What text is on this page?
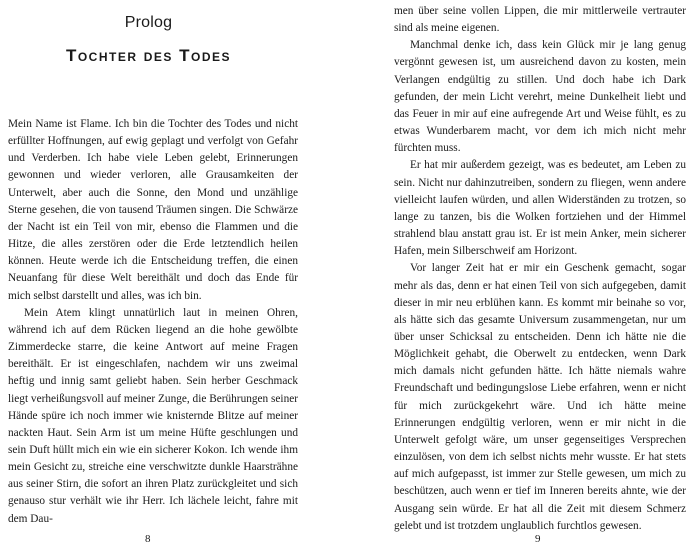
Prolog
Tochter des Todes

Mein Name ist Flame. Ich bin die Tochter des Todes und nicht erfüllter Hoffnungen, auf ewig geplagt und verfolgt von Gefahr und Verderben. Ich habe viele Leben gelebt, Erinnerungen gewonnen und wieder verloren, alle Grausamkeiten der Unterwelt, aber auch die Sonne, den Mond und unzählige Sterne gesehen, die von tausend Träumen singen. Die Schwärze der Nacht ist ein Teil von mir, ebenso die Flammen und die Hitze, die alles zerstören oder die Erde letztendlich heilen können. Heute werde ich die Entscheidung treffen, die einen Neuanfang für diese Welt bereithält und doch das Ende für mich selbst darstellt und alles, was ich bin.

Mein Atem klingt unnatürlich laut in meinen Ohren, während ich auf dem Rücken liegend an die hohe gewölbte Zimmerdecke starre, die keine Antwort auf meine Fragen bereithält. Er ist eingeschlafen, nachdem wir uns zweimal heftig und innig samt geliebt haben. Sein herber Geschmack liegt verheißungsvoll auf meiner Zunge, die Berührungen seiner Hände spüre ich noch immer wie knisternde Blitze auf meiner nackten Haut. Sein Arm ist um meine Hüfte geschlungen und sein Duft hüllt mich ein wie ein sicherer Kokon. Ich wende ihm mein Gesicht zu, streiche eine verschwitzte dunkle Haarsträhne aus seiner Stirn, die sofort an ihren Platz zurückgleitet und sich genauso stur verhält wie ihr Herr. Ich lächele leicht, fahre mit dem Dau-

8

men über seine vollen Lippen, die mir mittlerweile vertrauter sind als meine eigenen.

Manchmal denke ich, dass kein Glück mir je lang genug vergönnt gewesen ist, um ausreichend davon zu kosten, mein Verlangen endgültig zu stillen. Und doch habe ich Dark gefunden, der mein Licht verehrt, meine Dunkelheit liebt und das Feuer in mir auf eine aufregende Art und Weise fühlt, es zu etwas Wunderbarem macht, vor dem ich mich nicht mehr fürchten muss.

Er hat mir außerdem gezeigt, was es bedeutet, am Leben zu sein. Nicht nur dahinzutreiben, sondern zu fliegen, wenn andere vielleicht laufen würden, und allen Widerständen zu trotzen, so lange zu tanzen, bis die Wolken fortziehen und der Himmel strahlend blau anstatt grau ist. Er ist mein Anker, mein sicherer Hafen, mein Silberschweif am Horizont.

Vor langer Zeit hat er mir ein Geschenk gemacht, sogar mehr als das, denn er hat einen Teil von sich aufgegeben, damit dieser in mir neu erblühen kann. Es kommt mir beinahe so vor, als hätte sich das gesamte Universum zusammengetan, nur um über unser Schicksal zu entscheiden. Denn ich hätte nie die Möglichkeit gehabt, die Oberwelt zu entdecken, wenn Dark mich damals nicht gefunden hätte. Ich hätte niemals wahre Freundschaft und bedingungslose Liebe erfahren, wenn er nicht für mich zurückgekehrt wäre. Und ich hätte meine Erinnerungen endgültig verloren, wenn er mir nicht in die Unterwelt gefolgt wäre, um unser gegenseitiges Versprechen einzulösen, von dem ich selbst nichts mehr wusste. Er hat stets auf mich aufgepasst, ist immer zur Stelle gewesen, um mich zu beschützen, auch wenn er tief im Inneren bereits ahnte, wie der Ausgang sein würde. Er hat all die Zeit mit diesem Schmerz gelebt und ist trotzdem unglaublich furchtlos gewesen.

9
